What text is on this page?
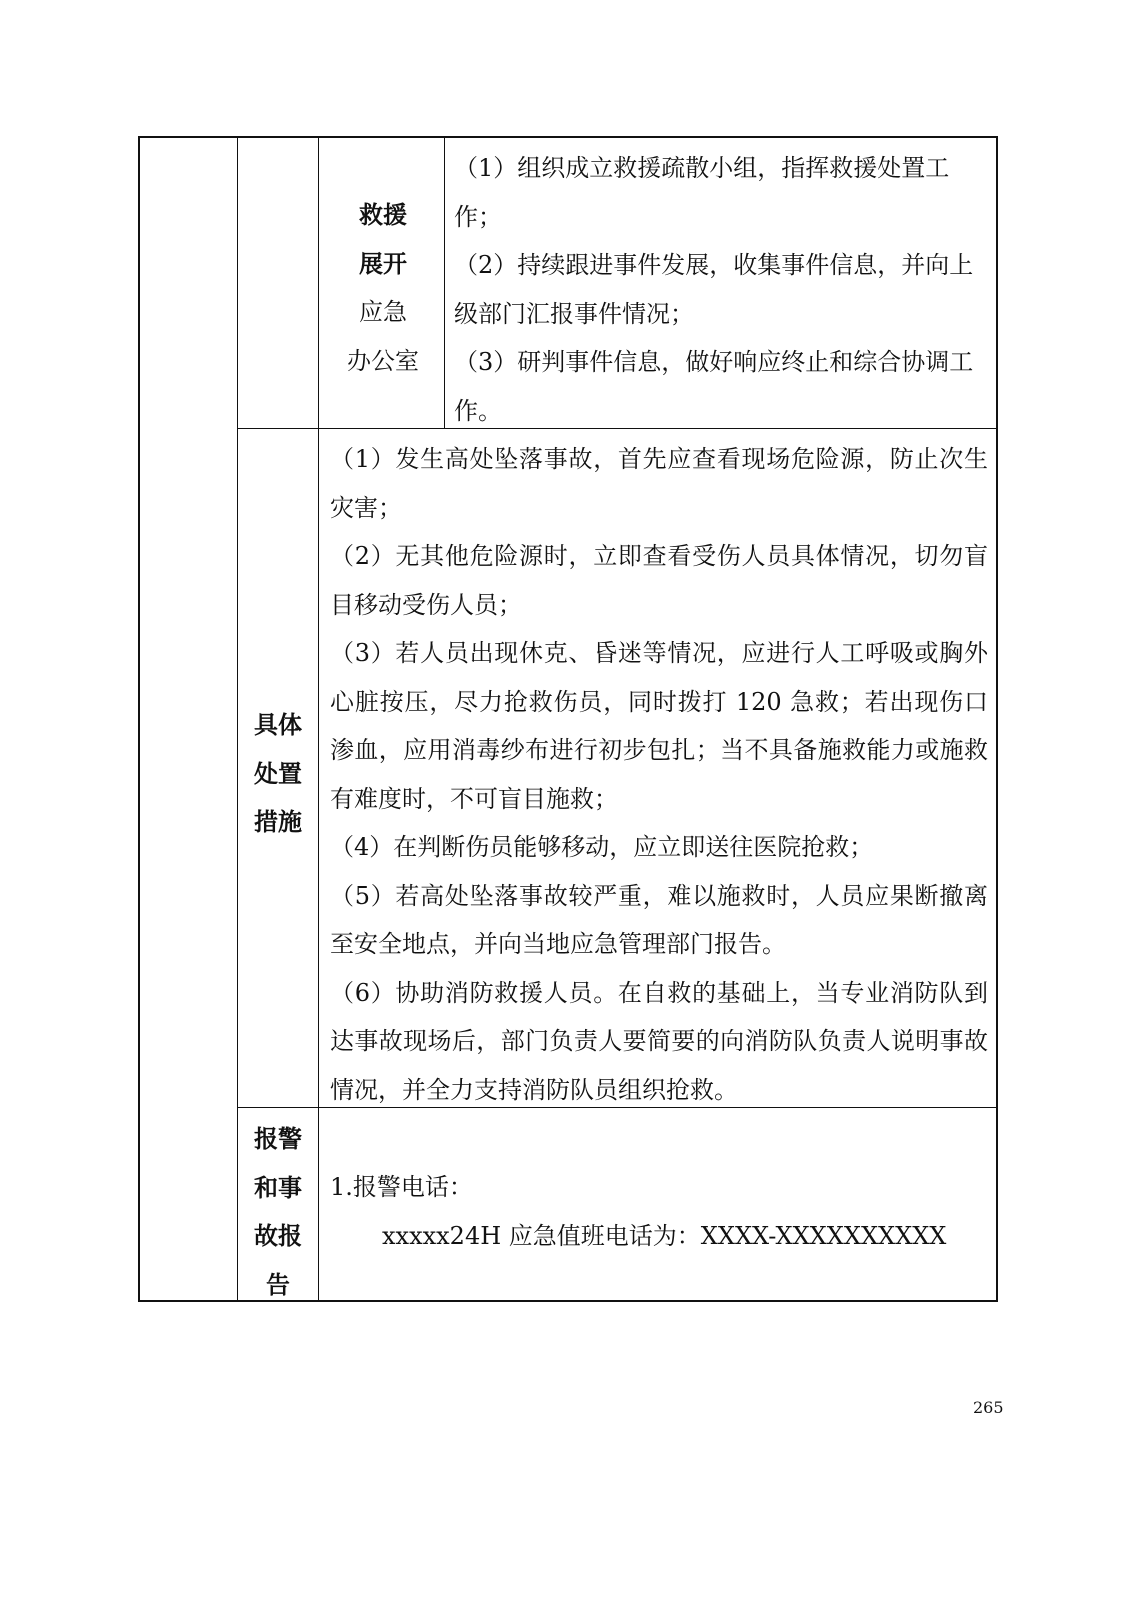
救援
展开
应急
办公室
（1）组织成立救援疏散小组，指挥救援处置工作；
（2）持续跟进事件发展，收集事件信息，并向上级部门汇报事件情况；
（3）研判事件信息，做好响应终止和综合协调工作。
具体
处置
措施
（1）发生高处坠落事故，首先应查看现场危险源，防止次生灾害；
（2）无其他危险源时，立即查看受伤人员具体情况，切勿盲目移动受伤人员；
（3）若人员出现休克、昏迷等情况，应进行人工呼吸或胸外心脏按压，尽力抢救伤员，同时拨打 120 急救；若出现伤口渗血，应用消毒纱布进行初步包扎；当不具备施救能力或施救有难度时，不可盲目施救；
（4）在判断伤员能够移动，应立即送往医院抢救；
（5）若高处坠落事故较严重，难以施救时，人员应果断撤离至安全地点，并向当地应急管理部门报告。
（6）协助消防救援人员。在自救的基础上，当专业消防队到达事故现场后，部门负责人要简要的向消防队负责人说明事故情况，并全力支持消防队员组织抢救。
报警
和事
故报
告
1.报警电话：
xxxxx24H 应急值班电话为：XXXX-XXXXXXXXXX
265
